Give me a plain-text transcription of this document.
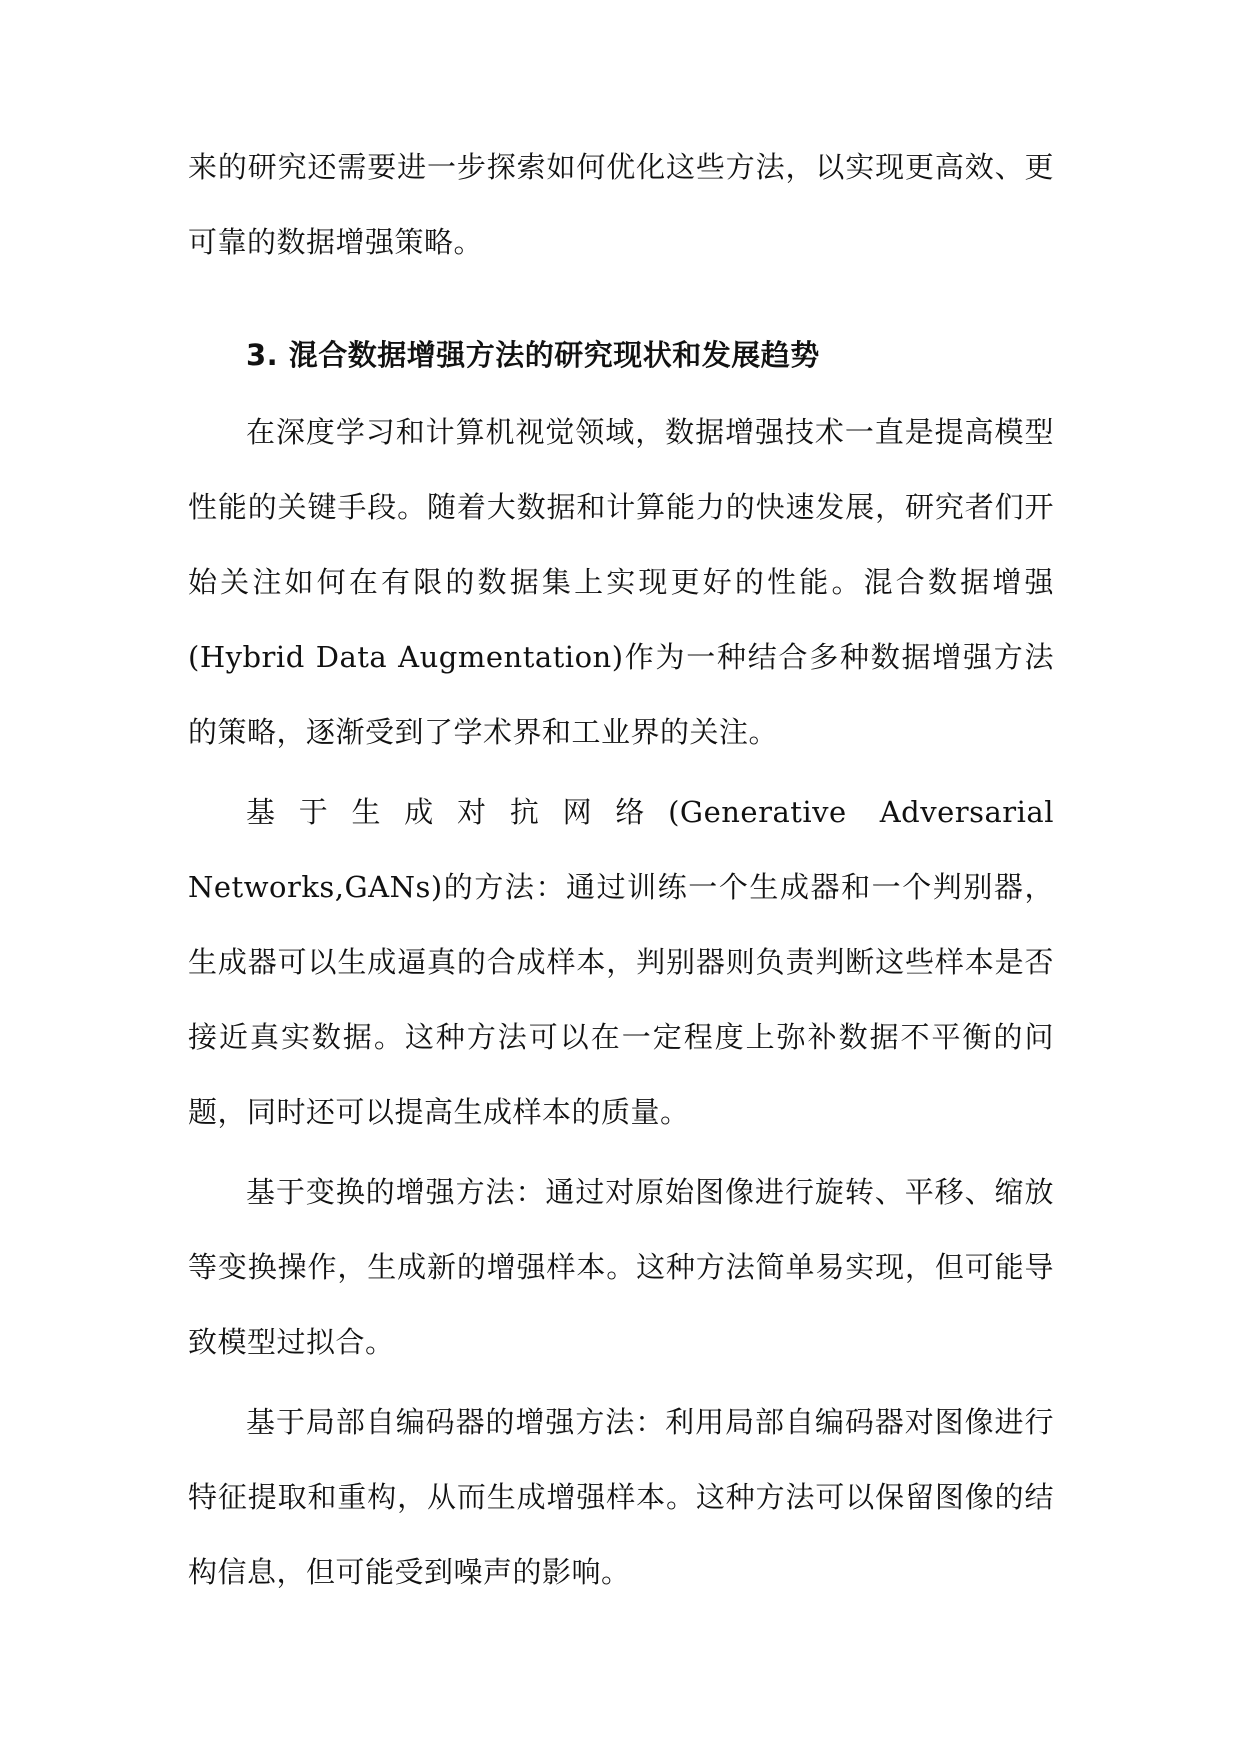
来的研究还需要进一步探索如何优化这些方法，以实现更高效、更可靠的数据增强策略。

3. 混合数据增强方法的研究现状和发展趋势

在深度学习和计算机视觉领域，数据增强技术一直是提高模型性能的关键手段。随着大数据和计算能力的快速发展，研究者们开始关注如何在有限的数据集上实现更好的性能。混合数据增强(Hybrid Data Augmentation)作为一种结合多种数据增强方法的策略，逐渐受到了学术界和工业界的关注。

基于生成对抗网络(Generative Adversarial Networks,GANs)的方法：通过训练一个生成器和一个判别器，生成器可以生成逼真的合成样本，判别器则负责判断这些样本是否接近真实数据。这种方法可以在一定程度上弥补数据不平衡的问题，同时还可以提高生成样本的质量。

基于变换的增强方法：通过对原始图像进行旋转、平移、缩放等变换操作，生成新的增强样本。这种方法简单易实现，但可能导致模型过拟合。

基于局部自编码器的增强方法：利用局部自编码器对图像进行特征提取和重构，从而生成增强样本。这种方法可以保留图像的结构信息，但可能受到噪声的影响。
